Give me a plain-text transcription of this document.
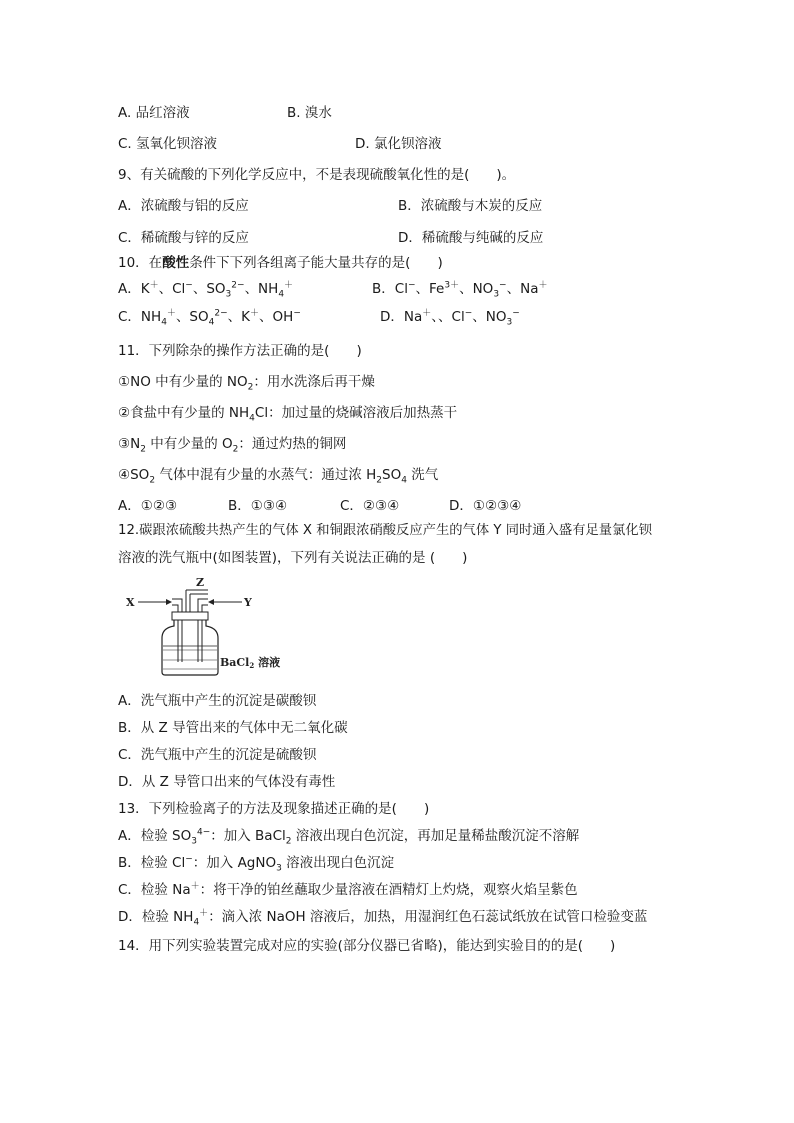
A. 品红溶液	B. 溴水
C. 氢氧化钡溶液	D. 氯化钡溶液
9、有关硫酸的下列化学反应中，不是表现硫酸氧化性的是(　　)。
A．浓硫酸与铝的反应	B．浓硫酸与木炭的反应
C．稀硫酸与锌的反应	D．稀硫酸与纯碱的反应
10．在酸性条件下下列各组离子能大量共存的是(　　)
A．K＋、Cl−、$SO_3^{2-}$、$NH_4^+$	B．Cl−、$Fe^{3+}$、$NO_3^-$、Na＋
C．$NH_4^+$、$SO_4^{2-}$、K＋、OH−	D．Na＋、、Cl−、$NO_3^-$
11．下列除杂的操作方法正确的是(　　)
①NO 中有少量的 $NO_2$：用水洗涤后再干燥
②食盐中有少量的 $NH_4Cl$：加过量的烧碱溶液后加热蒸干
$③N_2$ 中有少量的 $O_2$：通过灼热的铜网
$④SO_2$ 气体中混有少量的水蒸气：通过浓 $H_2SO_4$ 洗气
A．①②③	B．①③④	C．②③④	D．①②③④
12.碳跟浓硫酸共热产生的气体 X 和铜跟浓硝酸反应产生的气体 Y 同时通入盛有足量氯化钡
溶液的洗气瓶中(如图装置)，下列有关说法正确的是 (　　)
X	Y
Z
BaCl2 溶液
A．洗气瓶中产生的沉淀是碳酸钡
B．从 Z 导管出来的气体中无二氧化碳
C．洗气瓶中产生的沉淀是硫酸钡
D．从 Z 导管口出来的气体没有毒性
13．下列检验离子的方法及现象描述正确的是(　　)
A．检验 $SO_3^{4-}$：加入 BaCl$_2$ 溶液出现白色沉淀，再加足量稀盐酸沉淀不溶解
B．检验 Cl−：加入 AgNO$_3$ 溶液出现白色沉淀
C．检验 Na＋：将干净的铂丝蘸取少量溶液在酒精灯上灼烧，观察火焰呈紫色
D．检验 $NH_4^+$：滴入浓 NaOH 溶液后，加热，用湿润红色石蕊试纸放在试管口检验变蓝
14．用下列实验装置完成对应的实验(部分仪器已省略)，能达到实验目的的是(　　)
